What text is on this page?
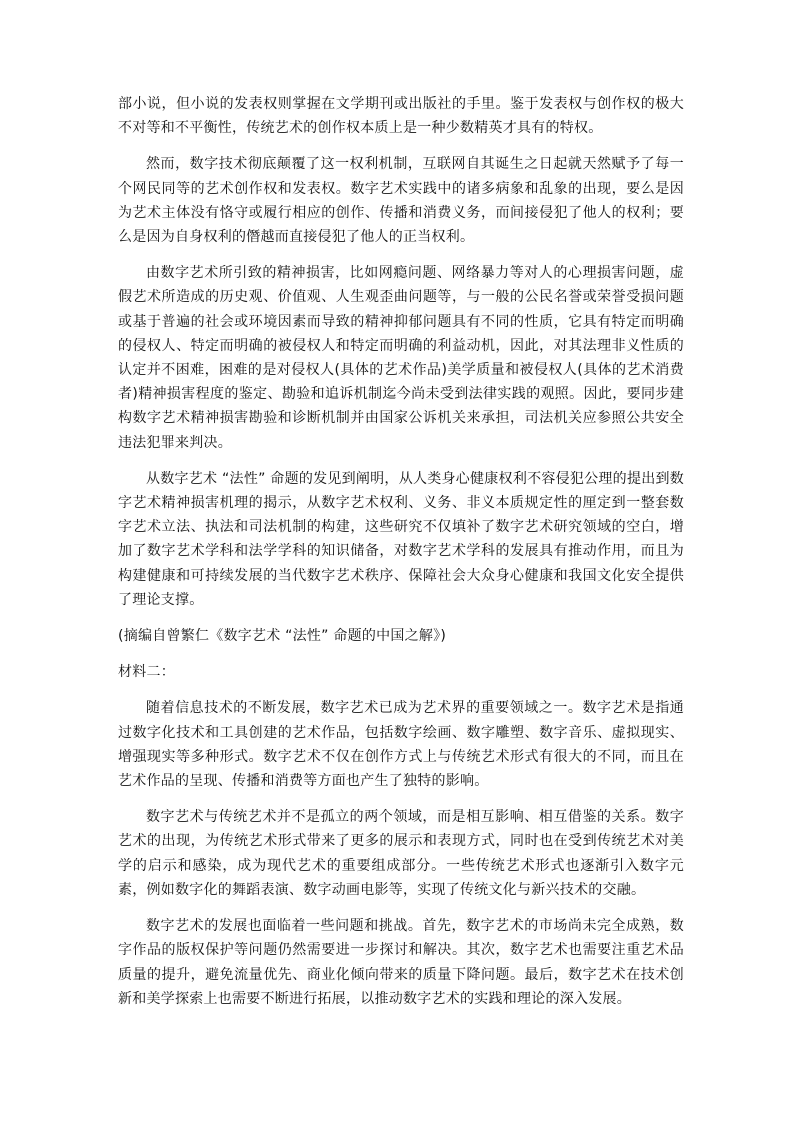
部小说，但小说的发表权则掌握在文学期刊或出版社的手里。鉴于发表权与创作权的极大不对等和不平衡性，传统艺术的创作权本质上是一种少数精英才具有的特权。

然而，数字技术彻底颠覆了这一权利机制，互联网自其诞生之日起就天然赋予了每一个网民同等的艺术创作权和发表权。数字艺术实践中的诸多病象和乱象的出现，要么是因为艺术主体没有恪守或履行相应的创作、传播和消费义务，而间接侵犯了他人的权利；要么是因为自身权利的僭越而直接侵犯了他人的正当权利。

由数字艺术所引致的精神损害，比如网瘾问题、网络暴力等对人的心理损害问题，虚假艺术所造成的历史观、价值观、人生观歪曲问题等，与一般的公民名誉或荣誉受损问题或基于普遍的社会或环境因素而导致的精神抑郁问题具有不同的性质，它具有特定而明确的侵权人、特定而明确的被侵权人和特定而明确的利益动机，因此，对其法理非义性质的认定并不困难，困难的是对侵权人(具体的艺术作品)美学质量和被侵权人(具体的艺术消费者)精神损害程度的鉴定、勘验和追诉机制迄今尚未受到法律实践的观照。因此，要同步建构数字艺术精神损害勘验和诊断机制并由国家公诉机关来承担，司法机关应参照公共安全违法犯罪来判决。

从数字艺术 “法性” 命题的发见到阐明，从人类身心健康权利不容侵犯公理的提出到数字艺术精神损害机理的揭示，从数字艺术权利、义务、非义本质规定性的厘定到一整套数字艺术立法、执法和司法机制的构建，这些研究不仅填补了数字艺术研究领域的空白，增加了数字艺术学科和法学学科的知识储备，对数字艺术学科的发展具有推动作用，而且为构建健康和可持续发展的当代数字艺术秩序、保障社会大众身心健康和我国文化安全提供了理论支撑。

(摘编自曾繁仁《数字艺术 “法性” 命题的中国之解》)

材料二：

随着信息技术的不断发展，数字艺术已成为艺术界的重要领域之一。数字艺术是指通过数字化技术和工具创建的艺术作品，包括数字绘画、数字雕塑、数字音乐、虚拟现实、增强现实等多种形式。数字艺术不仅在创作方式上与传统艺术形式有很大的不同，而且在艺术作品的呈现、传播和消费等方面也产生了独特的影响。

数字艺术与传统艺术并不是孤立的两个领域，而是相互影响、相互借鉴的关系。数字艺术的出现，为传统艺术形式带来了更多的展示和表现方式，同时也在受到传统艺术对美学的启示和感染，成为现代艺术的重要组成部分。一些传统艺术形式也逐渐引入数字元素，例如数字化的舞蹈表演、数字动画电影等，实现了传统文化与新兴技术的交融。

数字艺术的发展也面临着一些问题和挑战。首先，数字艺术的市场尚未完全成熟，数字作品的版权保护等问题仍然需要进一步探讨和解决。其次，数字艺术也需要注重艺术品质量的提升，避免流量优先、商业化倾向带来的质量下降问题。最后，数字艺术在技术创新和美学探索上也需要不断进行拓展，以推动数字艺术的实践和理论的深入发展。
